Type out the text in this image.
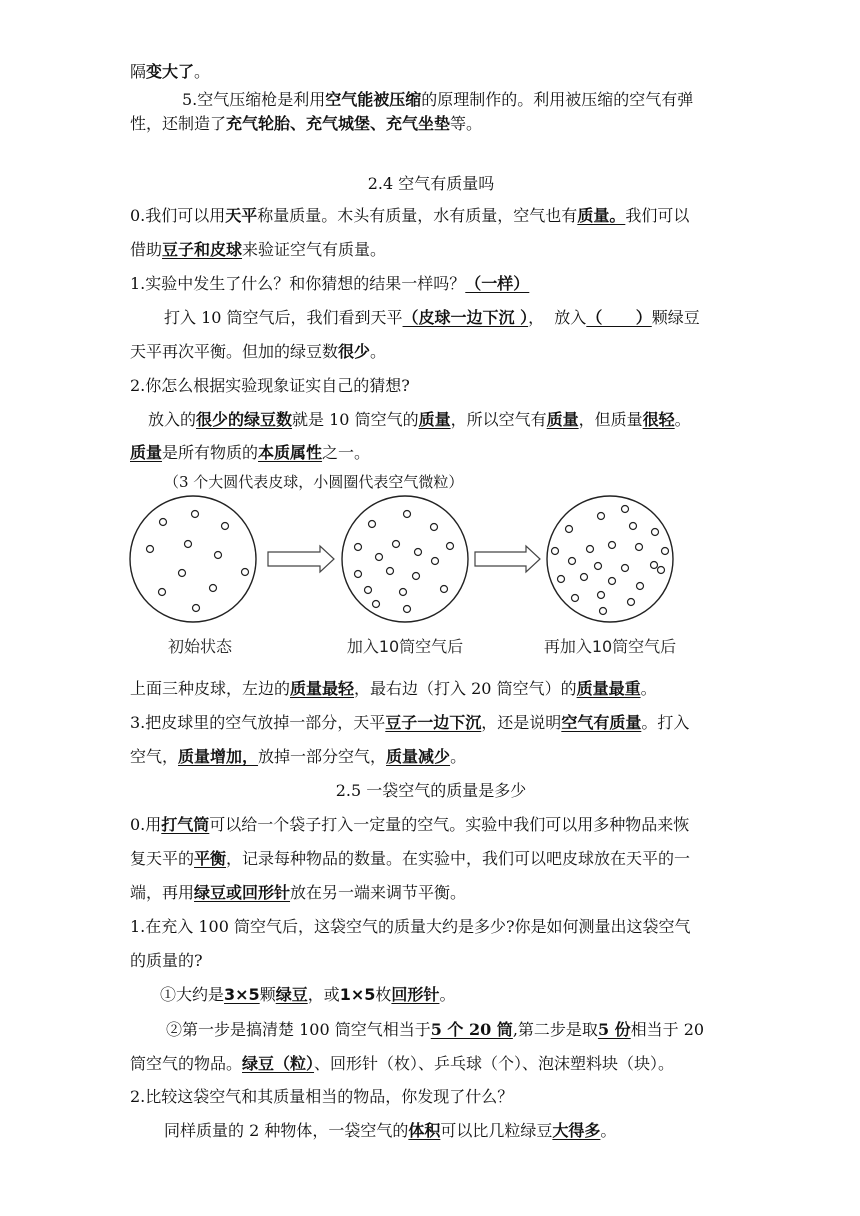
隔变大了。
5.空气压缩枪是利用空气能被压缩的原理制作的。利用被压缩的空气有弹
性，还制造了充气轮胎、充气城堡、充气坐垫等。
2.4 空气有质量吗
0.我们可以用天平称量质量。木头有质量，水有质量，空气也有质量。我们可以
借助豆子和皮球来验证空气有质量。
1.实验中发生了什么？和你猜想的结果一样吗？（一样）
打入 10 筒空气后，我们看到天平（皮球一边下沉 ），  放入（      ）颗绿豆
天平再次平衡。但加的绿豆数很少。
2.你怎么根据实验现象证实自己的猜想?
放入的很少的绿豆数就是 10 筒空气的质量，所以空气有质量，但质量很轻。
质量是所有物质的本质属性之一。
（3 个大圆代表皮球，小圆圈代表空气微粒）
初始状态	加入10筒空气后	再加入10筒空气后
上面三种皮球，左边的质量最轻，最右边（打入 20 筒空气）的质量最重。
3.把皮球里的空气放掉一部分，天平豆子一边下沉，还是说明空气有质量。打入
空气，质量增加，放掉一部分空气，质量减少。
2.5 一袋空气的质量是多少
0.用打气筒可以给一个袋子打入一定量的空气。实验中我们可以用多种物品来恢
复天平的平衡，记录每种物品的数量。在实验中，我们可以吧皮球放在天平的一
端，再用绿豆或回形针放在另一端来调节平衡。
1.在充入 100 筒空气后，这袋空气的质量大约是多少?你是如何测量出这袋空气
的质量的?
①大约是3×5颗绿豆，或1×5枚回形针。
②第一步是搞清楚 100 筒空气相当于5 个 20 筒,第二步是取5 份相当于 20
筒空气的物品。绿豆（粒）、回形针（枚）、乒乓球（个）、泡沫塑料块（块）。
2.比较这袋空气和其质量相当的物品，你发现了什么？
同样质量的 2 种物体，一袋空气的体积可以比几粒绿豆大得多。
